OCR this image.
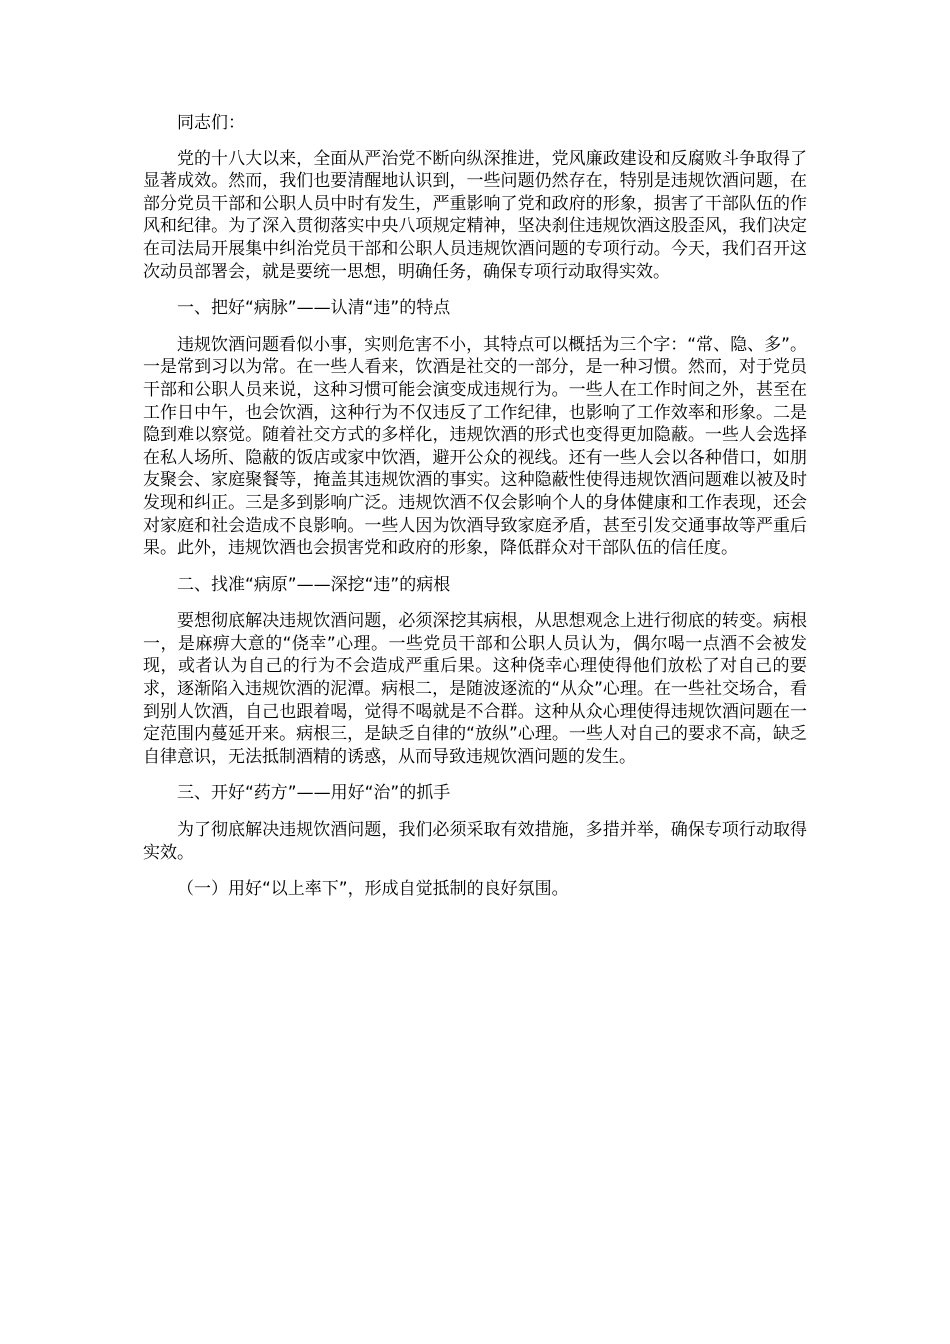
同志们：

党的十八大以来，全面从严治党不断向纵深推进，党风廉政建设和反腐败斗争取得了显著成效。然而，我们也要清醒地认识到，一些问题仍然存在，特别是违规饮酒问题，在部分党员干部和公职人员中时有发生，严重影响了党和政府的形象，损害了干部队伍的作风和纪律。为了深入贯彻落实中央八项规定精神，坚决刹住违规饮酒这股歪风，我们决定在司法局开展集中纠治党员干部和公职人员违规饮酒问题的专项行动。今天，我们召开这次动员部署会，就是要统一思想，明确任务，确保专项行动取得实效。

一、把好“病脉”——认清“违”的特点

违规饮酒问题看似小事，实则危害不小，其特点可以概括为三个字：“常、隐、多”。一是常到习以为常。在一些人看来，饮酒是社交的一部分，是一种习惯。然而，对于党员干部和公职人员来说，这种习惯可能会演变成违规行为。一些人在工作时间之外，甚至在工作日中午，也会饮酒，这种行为不仅违反了工作纪律，也影响了工作效率和形象。二是隐到难以察觉。随着社交方式的多样化，违规饮酒的形式也变得更加隐蔽。一些人会选择在私人场所、隐蔽的饭店或家中饮酒，避开公众的视线。还有一些人会以各种借口，如朋友聚会、家庭聚餐等，掩盖其违规饮酒的事实。这种隐蔽性使得违规饮酒问题难以被及时发现和纠正。三是多到影响广泛。违规饮酒不仅会影响个人的身体健康和工作表现，还会对家庭和社会造成不良影响。一些人因为饮酒导致家庭矛盾，甚至引发交通事故等严重后果。此外，违规饮酒也会损害党和政府的形象，降低群众对干部队伍的信任度。

二、找准“病原”——深挖“违”的病根

要想彻底解决违规饮酒问题，必须深挖其病根，从思想观念上进行彻底的转变。病根一，是麻痹大意的“侥幸”心理。一些党员干部和公职人员认为，偶尔喝一点酒不会被发现，或者认为自己的行为不会造成严重后果。这种侥幸心理使得他们放松了对自己的要求，逐渐陷入违规饮酒的泥潭。病根二，是随波逐流的“从众”心理。在一些社交场合，看到别人饮酒，自己也跟着喝，觉得不喝就是不合群。这种从众心理使得违规饮酒问题在一定范围内蔓延开来。病根三，是缺乏自律的“放纵”心理。一些人对自己的要求不高，缺乏自律意识，无法抵制酒精的诱惑，从而导致违规饮酒问题的发生。

三、开好“药方”——用好“治”的抓手

为了彻底解决违规饮酒问题，我们必须采取有效措施，多措并举，确保专项行动取得实效。

（一）用好“以上率下”，形成自觉抵制的良好氛围。
